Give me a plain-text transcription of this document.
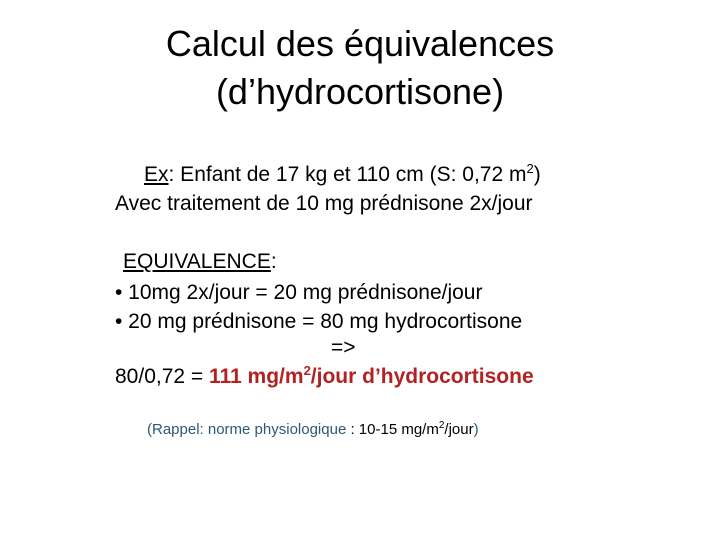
Calcul des équivalences
(d’hydrocortisone)
Ex: Enfant de 17 kg et 110 cm (S: 0,72 $m^2$)
Avec traitement de 10 mg prédnisone 2x/jour
EQUIVALENCE:
• 10mg 2x/jour = 20 mg prédnisone/jour
• 20 mg prédnisone = 80 mg hydrocortisone
=>
80/0,72 = 111 $mg/m^2$/jour d’hydrocortisone
(Rappel: norme physiologique : 10-15 $mg/m^2/jour$)
